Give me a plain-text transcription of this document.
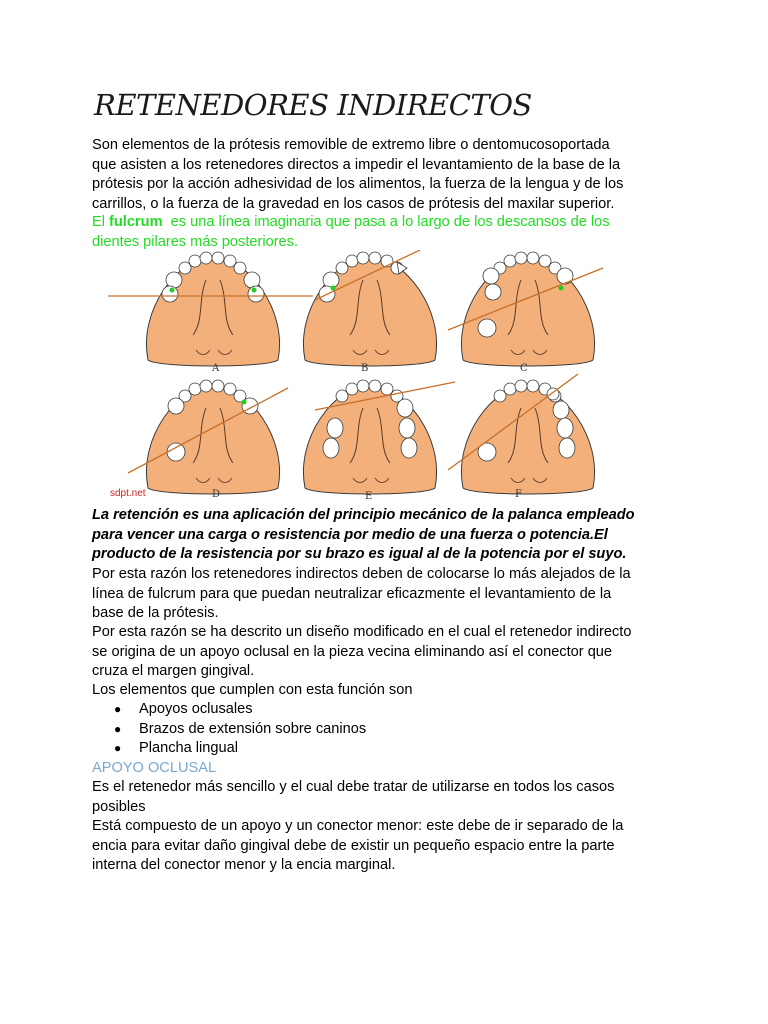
RETENEDORES INDIRECTOS

Son elementos de la prótesis removible de extremo libre o dentomucosoportada
que asisten a los retenedores directos a impedir el levantamiento de la base de la
prótesis por la acción adhesividad de los alimentos, la fuerza de la lengua y de los
carrillos, o la fuerza de la gravedad en los casos de prótesis del maxilar superior.

El fulcrum  es una línea imaginaria que pasa a lo largo de los descansos de los
dientes pilares más posteriores.

A	B	C
D	E	F
sdpt.net

La retención es una aplicación del principio mecánico de la palanca empleado
para vencer una carga o resistencia por medio de una fuerza o potencia.El
producto de la resistencia por su brazo es igual al de la potencia por el suyo.

Por esta razón los retenedores indirectos deben de colocarse lo más alejados de la
línea de fulcrum para que puedan neutralizar eficazmente el levantamiento de la
base de la prótesis.

Por esta razón se ha descrito un diseño modificado en el cual el retenedor indirecto
se origina de un apoyo oclusal en la pieza vecina eliminando así el conector que
cruza el margen gingival.

Los elementos que cumplen con esta función son

● Apoyos oclusales
● Brazos de extensión sobre caninos
● Plancha lingual

APOYO OCLUSAL

Es el retenedor más sencillo y el cual debe tratar de utilizarse en todos los casos
posibles

Está compuesto de un apoyo y un conector menor: este debe de ir separado de la
encia para evitar daño gingival debe de existir un pequeño espacio entre la parte
interna del conector menor y la encia marginal.
